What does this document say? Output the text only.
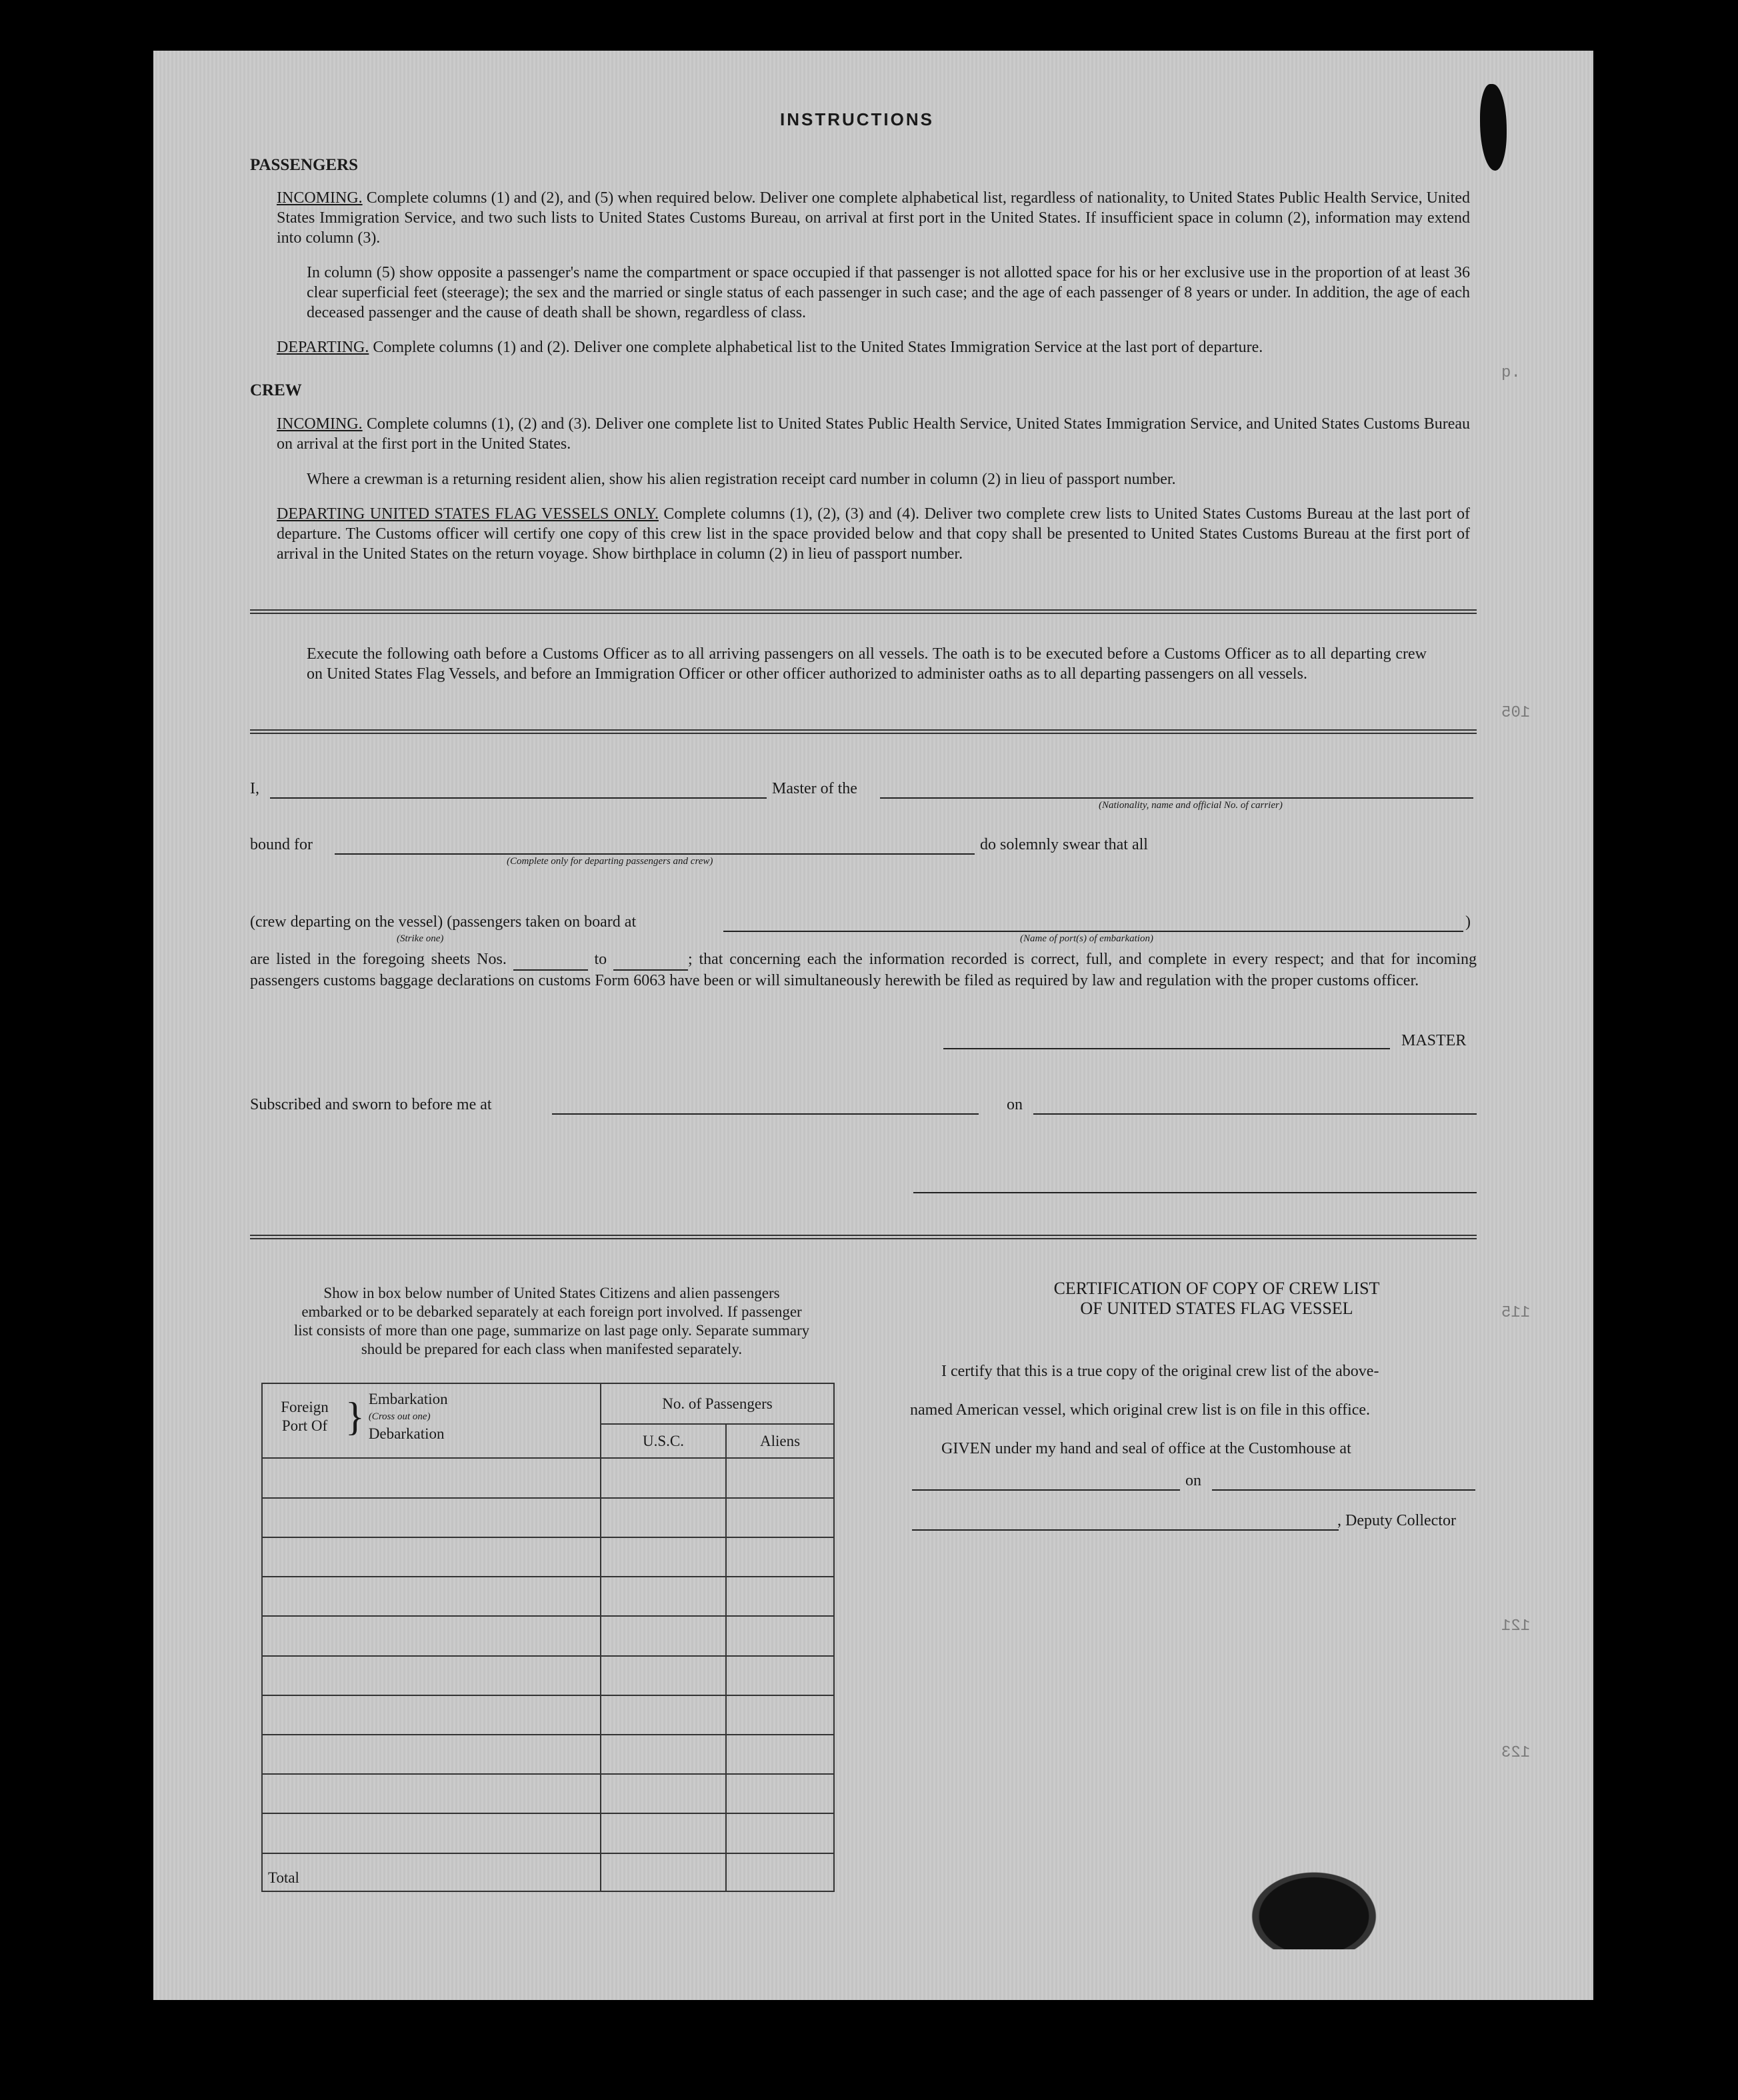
INSTRUCTIONS
PASSENGERS
INCOMING. Complete columns (1) and (2), and (5) when required below. Deliver one complete alphabetical list, regardless of nationality, to United States Public Health Service, United States Immigration Service, and two such lists to United States Customs Bureau, on arrival at first port in the United States. If insufficient space in column (2), information may extend into column (3).
In column (5) show opposite a passenger's name the compartment or space occupied if that passenger is not allotted space for his or her exclusive use in the proportion of at least 36 clear superficial feet (steerage); the sex and the married or single status of each passenger in such case; and the age of each passenger of 8 years or under. In addition, the age of each deceased passenger and the cause of death shall be shown, regardless of class.
DEPARTING. Complete columns (1) and (2). Deliver one complete alphabetical list to the United States Immigration Service at the last port of departure.
CREW
INCOMING. Complete columns (1), (2) and (3). Deliver one complete list to United States Public Health Service, United States Immigration Service, and United States Customs Bureau on arrival at the first port in the United States.
Where a crewman is a returning resident alien, show his alien registration receipt card number in column (2) in lieu of passport number.
DEPARTING UNITED STATES FLAG VESSELS ONLY. Complete columns (1), (2), (3) and (4). Deliver two complete crew lists to United States Customs Bureau at the last port of departure. The Customs officer will certify one copy of this crew list in the space provided below and that copy shall be presented to United States Customs Bureau at the first port of arrival in the United States on the return voyage. Show birthplace in column (2) in lieu of passport number.
Execute the following oath before a Customs Officer as to all arriving passengers on all vessels. The oath is to be executed before a Customs Officer as to all departing crew on United States Flag Vessels, and before an Immigration Officer or other officer authorized to administer oaths as to all departing passengers on all vessels.
I,	Master of the
(Nationality, name and official No. of carrier)
bound for
(Complete only for departing passengers and crew)
do solemnly swear that all
(crew departing on the vessel) (passengers taken on board at	)
(Strike one)	(Name of port(s) of embarkation)
are listed in the foregoing sheets Nos.	to	; that concerning each the information recorded is correct, full, and complete in every respect; and that for incoming passengers customs baggage declarations on customs Form 6063 have been or will simultaneously herewith be filed as required by law and regulation with the proper customs officer.
MASTER
Subscribed and sworn to before me at	on
Show in box below number of United States Citizens and alien passengers embarked or to be debarked separately at each foreign port involved. If passenger list consists of more than one page, summarize on last page only. Separate summary should be prepared for each class when manifested separately.
Foreign Port Of } Embarkation
(Cross out one)
Debarkation	No. of Passengers	
	U.S.C.	Aliens

Total		
CERTIFICATION OF COPY OF CREW LIST
OF UNITED STATES FLAG VESSEL
I certify that this is a true copy of the original crew list of the above-
named American vessel, which original crew list is on file in this office.
GIVEN under my hand and seal of office at the Customhouse at
on
, Deputy Collector
.q
105
115
121
123
